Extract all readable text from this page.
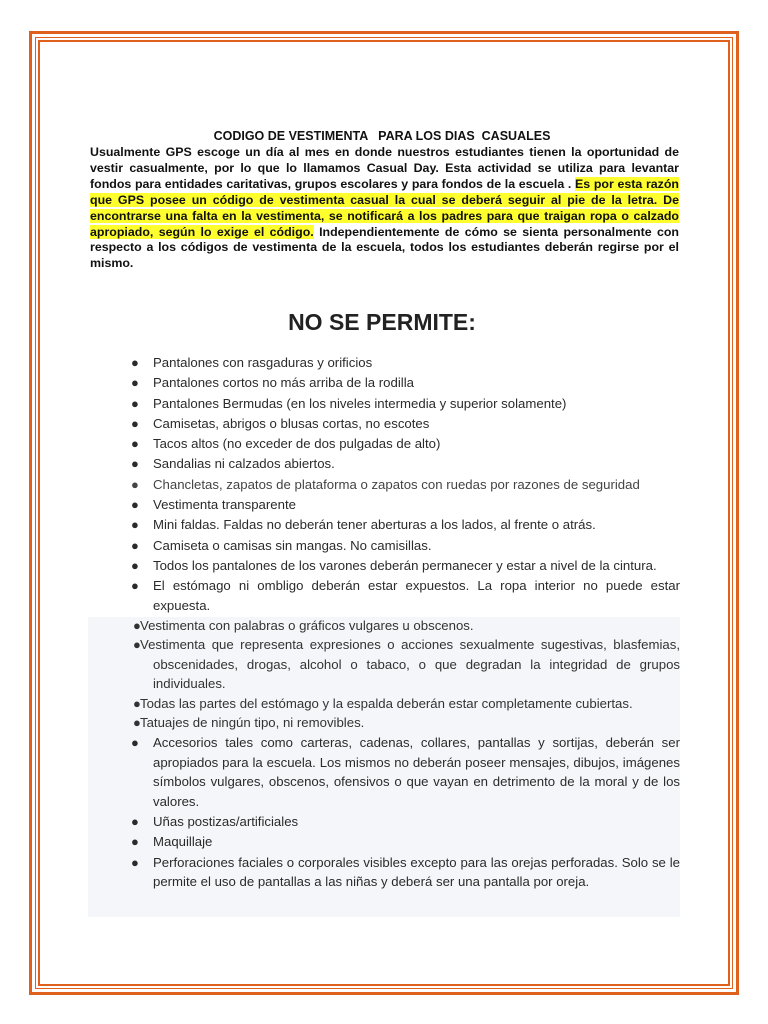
CODIGO DE VESTIMENTA   PARA LOS DIAS  CASUALES

Usualmente GPS escoge un día al mes en donde nuestros estudiantes tienen la oportunidad de vestir casualmente, por lo que lo llamamos Casual Day. Esta actividad se utiliza para levantar fondos para entidades caritativas, grupos escolares y para fondos de la escuela . Es por esta razón que GPS posee un código de vestimenta casual la cual se deberá seguir al pie de la letra. De encontrarse una falta en la vestimenta, se notificará a los padres para que traigan ropa o calzado apropiado, según lo exige el código. Independientemente de cómo se sienta personalmente con respecto a los códigos de vestimenta de la escuela, todos los estudiantes deberán regirse por el mismo.

NO SE PERMITE:
● Pantalones con rasgaduras y orificios
● Pantalones cortos no más arriba de la rodilla
● Pantalones Bermudas (en los niveles intermedia y superior solamente)
● Camisetas, abrigos o blusas cortas, no escotes
● Tacos altos (no exceder de dos pulgadas de alto)
● Sandalias ni calzados abiertos.
● Chancletas, zapatos de plataforma o zapatos con ruedas por razones de seguridad
● Vestimenta transparente
● Mini faldas. Faldas no deberán tener aberturas a los lados, al frente o atrás.
● Camiseta o camisas sin mangas. No camisillas.
● Todos los pantalones de los varones deberán permanecer y estar a nivel de la cintura.
● El estómago ni ombligo deberán estar expuestos. La ropa interior no puede estar expuesta.
● Vestimenta con palabras o gráficos vulgares u obscenos.
● Vestimenta que representa expresiones o acciones sexualmente sugestivas, blasfemias, obscenidades, drogas, alcohol o tabaco, o que degradan la integridad de grupos individuales.
● Todas las partes del estómago y la espalda deberán estar completamente cubiertas.
● Tatuajes de ningún tipo, ni removibles.
● Accesorios tales como carteras, cadenas, collares, pantallas y sortijas, deberán ser apropiados para la escuela. Los mismos no deberán poseer mensajes, dibujos, imágenes símbolos vulgares, obscenos, ofensivos o que vayan en detrimento de la moral y de los valores.
● Uñas postizas/artificiales
● Maquillaje
● Perforaciones faciales o corporales visibles excepto para las orejas perforadas. Solo se le permite el uso de pantallas a las niñas y deberá ser una pantalla por oreja.
